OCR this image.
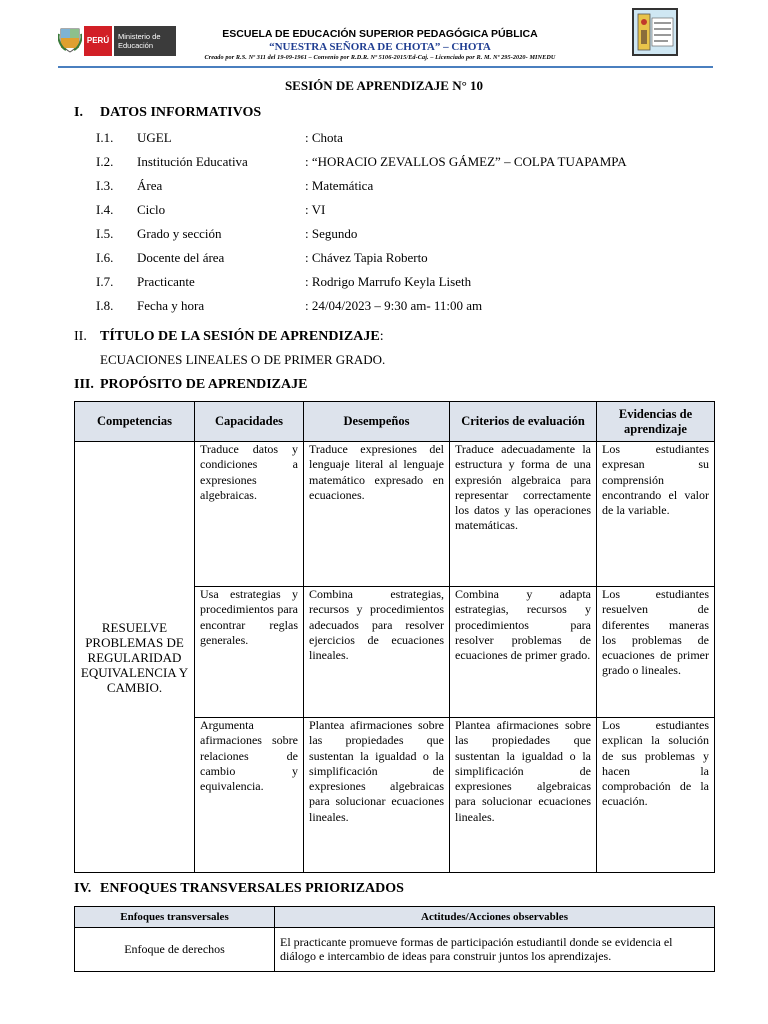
PERÚ	Ministerio de Educación
ESCUELA DE EDUCACIÓN SUPERIOR PEDAGÓGICA PÚBLICA
“NUESTRA SEÑORA DE CHOTA” – CHOTA
Creado por R.S. Nº 311 del 19-09-1961 – Convenio por R.D.R. Nº 5106-2015/Ed-Caj. – Licenciado por R. M. Nº 295-2020- MINEDU
SESIÓN DE APRENDIZAJE N° 10
I. DATOS INFORMATIVOS
I.1. UGEL	: Chota
I.2. Institución Educativa	: “HORACIO ZEVALLOS GÁMEZ” – COLPA TUAPAMPA
I.3. Área	: Matemática
I.4. Ciclo	: VI
I.5. Grado y sección	: Segundo
I.6. Docente del área	: Chávez Tapia Roberto
I.7. Practicante	: Rodrigo Marrufo Keyla Liseth
I.8. Fecha y hora	: 24/04/2023 – 9:30 am- 11:00 am
II. TÍTULO DE LA SESIÓN DE APRENDIZAJE:
ECUACIONES LINEALES O DE PRIMER GRADO.
III. PROPÓSITO DE APRENDIZAJE
Competencias	Capacidades	Desempeños	Criterios de evaluación	Evidencias de aprendizaje
RESUELVE PROBLEMAS DE REGULARIDAD EQUIVALENCIA Y CAMBIO.	Traduce datos y condiciones a expresiones algebraicas.	Traduce expresiones del lenguaje literal al lenguaje matemático expresado en ecuaciones.	Traduce adecuadamente la estructura y forma de una expresión algebraica para representar correctamente los datos y las operaciones matemáticas.	Los estudiantes expresan su comprensión encontrando el valor de la variable.
	Usa estrategias y procedimientos para encontrar reglas generales.	Combina estrategias, recursos y procedimientos adecuados para resolver ejercicios de ecuaciones lineales.	Combina y adapta estrategias, recursos y procedimientos para resolver problemas de ecuaciones de primer grado.	Los estudiantes resuelven de diferentes maneras los problemas de ecuaciones de primer grado o lineales.
	Argumenta afirmaciones sobre relaciones de cambio y equivalencia.	Plantea afirmaciones sobre las propiedades que sustentan la igualdad o la simplificación de expresiones algebraicas para solucionar ecuaciones lineales.	Plantea afirmaciones sobre las propiedades que sustentan la igualdad o la simplificación de expresiones algebraicas para solucionar ecuaciones lineales.	Los estudiantes explican la solución de sus problemas y hacen la comprobación de la ecuación.
IV. ENFOQUES TRANSVERSALES PRIORIZADOS
Enfoques transversales	Actitudes/Acciones observables
Enfoque de derechos	El practicante promueve formas de participación estudiantil donde se evidencia el diálogo e intercambio de ideas para construir juntos los aprendizajes.
